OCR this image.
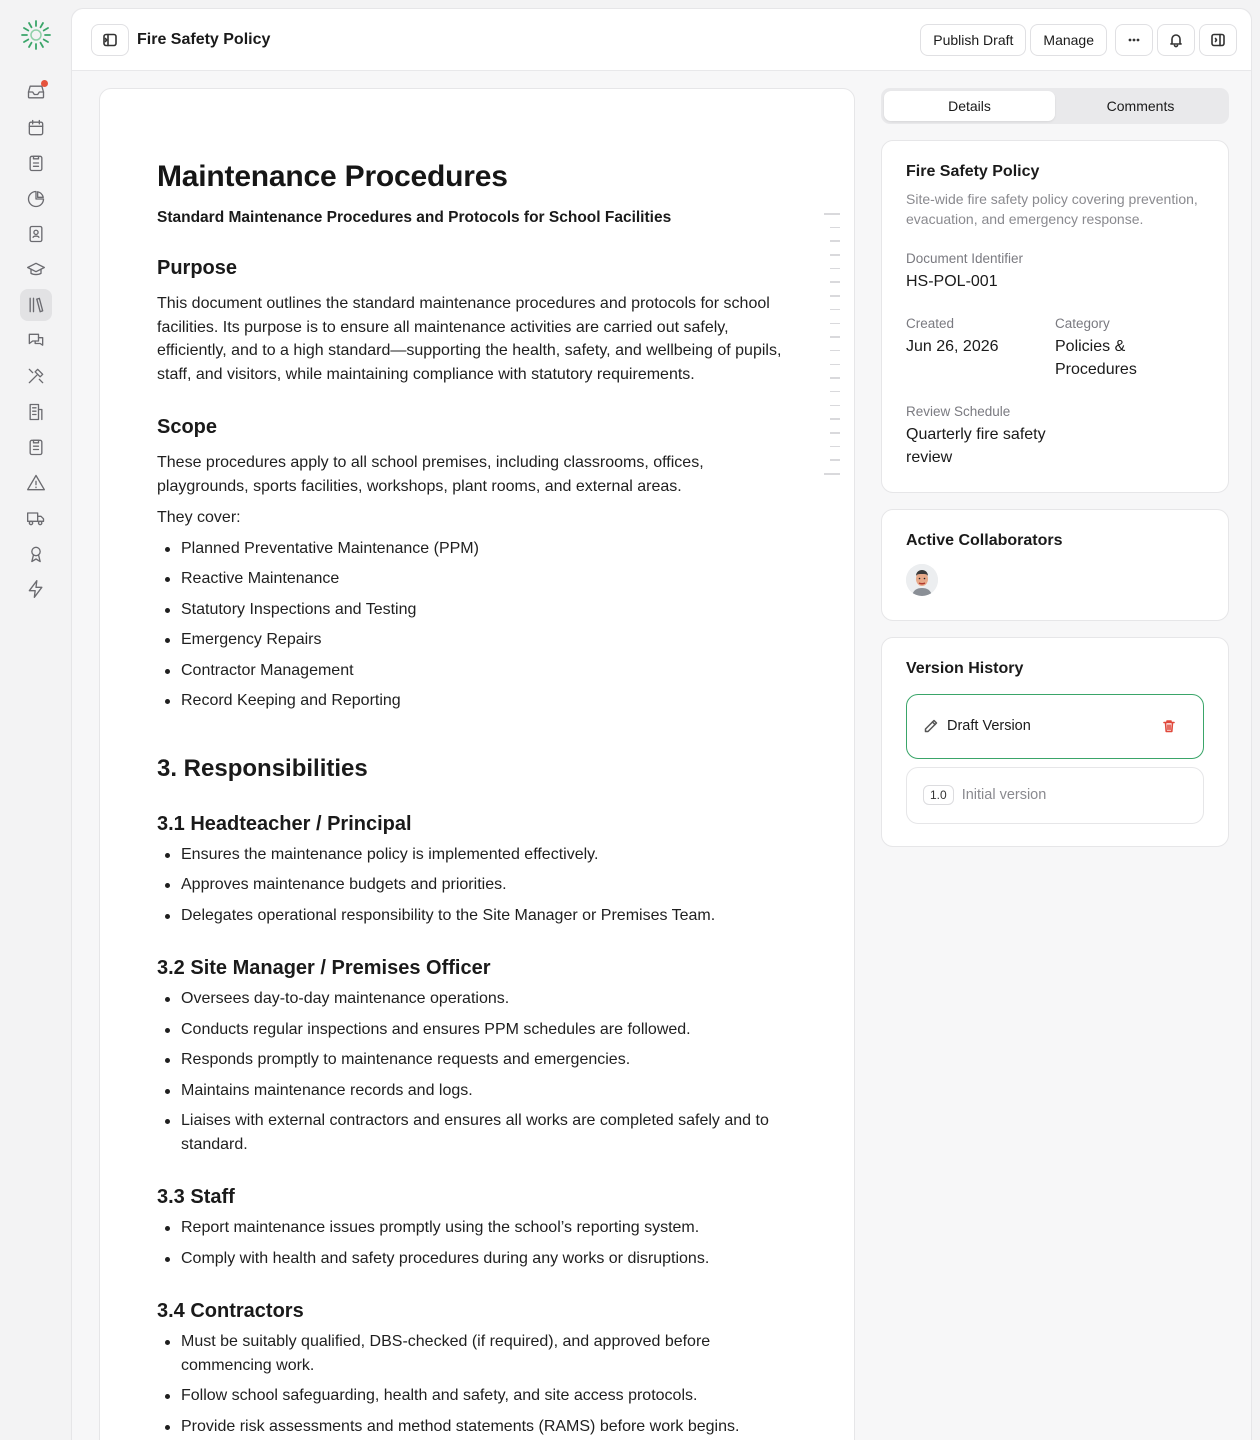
Fire Safety Policy	Publish Draft	Manage
Maintenance Procedures
Standard Maintenance Procedures and Protocols for School Facilities
Purpose

This document outlines the standard maintenance procedures and protocols for school facilities. Its purpose is to ensure all maintenance activities are carried out safely, efficiently, and to a high standard—supporting the health, safety, and wellbeing of pupils, staff, and visitors, while maintaining compliance with statutory requirements.

Scope

These procedures apply to all school premises, including classrooms, offices, playgrounds, sports facilities, workshops, plant rooms, and external areas.

They cover:

Planned Preventative Maintenance (PPM)
Reactive Maintenance
Statutory Inspections and Testing
Emergency Repairs
Contractor Management
Record Keeping and Reporting
3. Responsibilities
3.1 Headteacher / Principal
Ensures the maintenance policy is implemented effectively.
Approves maintenance budgets and priorities.
Delegates operational responsibility to the Site Manager or Premises Team.
3.2 Site Manager / Premises Officer
Oversees day-to-day maintenance operations.
Conducts regular inspections and ensures PPM schedules are followed.
Responds promptly to maintenance requests and emergencies.
Maintains maintenance records and logs.
Liaises with external contractors and ensures all works are completed safely and to standard.
3.3 Staff
Report maintenance issues promptly using the school’s reporting system.
Comply with health and safety procedures during any works or disruptions.
3.4 Contractors
Must be suitably qualified, DBS-checked (if required), and approved before commencing work.
Follow school safeguarding, health and safety, and site access protocols.
Provide risk assessments and method statements (RAMS) before work begins.
Details	Comments
Fire Safety Policy
Site-wide fire safety policy covering prevention, evacuation, and emergency response.
Document Identifier
HS-POL-001
Created
Jun 26, 2026
Category
Policies & Procedures
Review Schedule
Quarterly fire safety review
Active Collaborators
Version History
Draft Version
1.0	Initial version
